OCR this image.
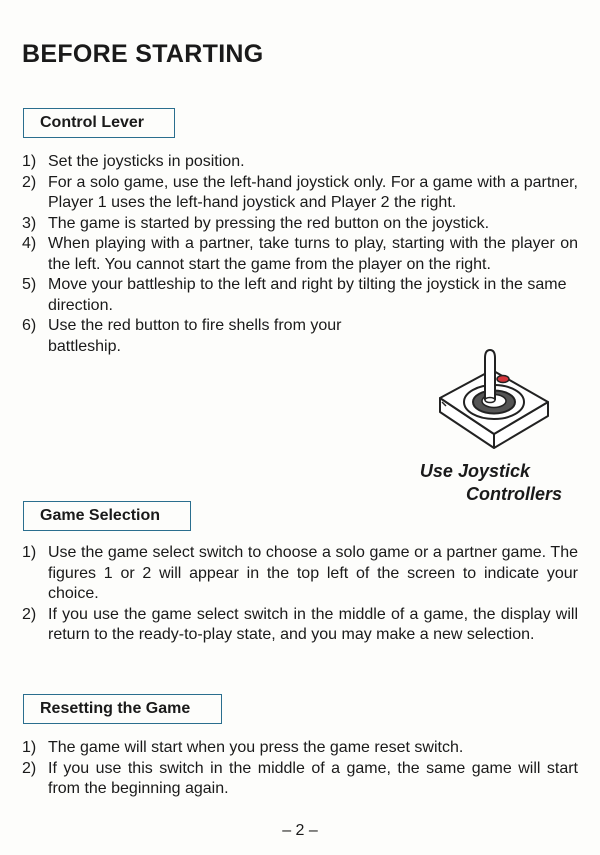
BEFORE STARTING
Control Lever
1) Set the joysticks in position.
2) For a solo game, use the left-hand joystick only. For a game with a partner, Player 1 uses the left-hand joystick and Player 2 the right.
3) The game is started by pressing the red button on the joystick.
4) When playing with a partner, take turns to play, starting with the player on the left. You cannot start the game from the player on the right.
5) Move your battleship to the left and right by tilting the joystick in the same direction.
6) Use the red button to fire shells from your battleship.
Use Joystick
Controllers
Game Selection
1) Use the game select switch to choose a solo game or a partner game. The figures 1 or 2 will appear in the top left of the screen to indicate your choice.
2) If you use the game select switch in the middle of a game, the display will return to the ready-to-play state, and you may make a new selection.
Resetting the Game
1) The game will start when you press the game reset switch.
2) If you use this switch in the middle of a game, the same game will start from the beginning again.
– 2 –
